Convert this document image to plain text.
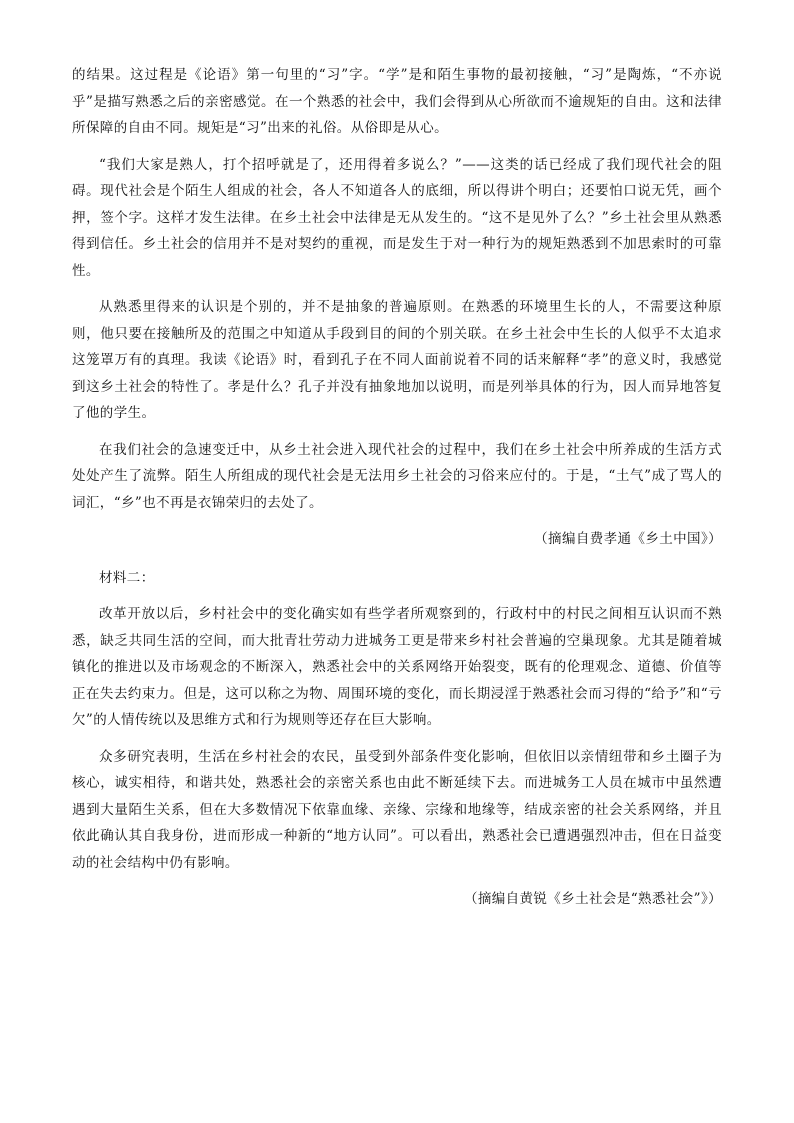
的结果。这过程是《论语》第一句里的“习”字。“学”是和陌生事物的最初接触，“习”是陶炼，“不亦说乎”是描写熟悉之后的亲密感觉。在一个熟悉的社会中，我们会得到从心所欲而不逾规矩的自由。这和法律所保障的自由不同。规矩是“习”出来的礼俗。从俗即是从心。

“我们大家是熟人，打个招呼就是了，还用得着多说么？”——这类的话已经成了我们现代社会的阻碍。现代社会是个陌生人组成的社会，各人不知道各人的底细，所以得讲个明白；还要怕口说无凭，画个押，签个字。这样才发生法律。在乡土社会中法律是无从发生的。“这不是见外了么？”乡土社会里从熟悉得到信任。乡土社会的信用并不是对契约的重视，而是发生于对一种行为的规矩熟悉到不加思索时的可靠性。

从熟悉里得来的认识是个别的，并不是抽象的普遍原则。在熟悉的环境里生长的人，不需要这种原则，他只要在接触所及的范围之中知道从手段到目的间的个别关联。在乡土社会中生长的人似乎不太追求这笼罩万有的真理。我读《论语》时，看到孔子在不同人面前说着不同的话来解释“孝”的意义时，我感觉到这乡土社会的特性了。孝是什么？孔子并没有抽象地加以说明，而是列举具体的行为，因人而异地答复了他的学生。

在我们社会的急速变迁中，从乡土社会进入现代社会的过程中，我们在乡土社会中所养成的生活方式处处产生了流弊。陌生人所组成的现代社会是无法用乡土社会的习俗来应付的。于是，“土气”成了骂人的词汇，“乡”也不再是衣锦荣归的去处了。

（摘编自费孝通《乡土中国》）

材料二：

改革开放以后，乡村社会中的变化确实如有些学者所观察到的，行政村中的村民之间相互认识而不熟悉，缺乏共同生活的空间，而大批青壮劳动力进城务工更是带来乡村社会普遍的空巢现象。尤其是随着城镇化的推进以及市场观念的不断深入，熟悉社会中的关系网络开始裂变，既有的伦理观念、道德、价值等正在失去约束力。但是，这可以称之为物、周围环境的变化，而长期浸淫于熟悉社会而习得的“给予”和“亏欠”的人情传统以及思维方式和行为规则等还存在巨大影响。

众多研究表明，生活在乡村社会的农民，虽受到外部条件变化影响，但依旧以亲情纽带和乡土圈子为核心，诚实相待，和谐共处，熟悉社会的亲密关系也由此不断延续下去。而进城务工人员在城市中虽然遭遇到大量陌生关系，但在大多数情况下依靠血缘、亲缘、宗缘和地缘等，结成亲密的社会关系网络，并且依此确认其自我身份，进而形成一种新的“地方认同”。可以看出，熟悉社会已遭遇强烈冲击，但在日益变动的社会结构中仍有影响。

（摘编自黄锐《乡土社会是“熟悉社会”》）
